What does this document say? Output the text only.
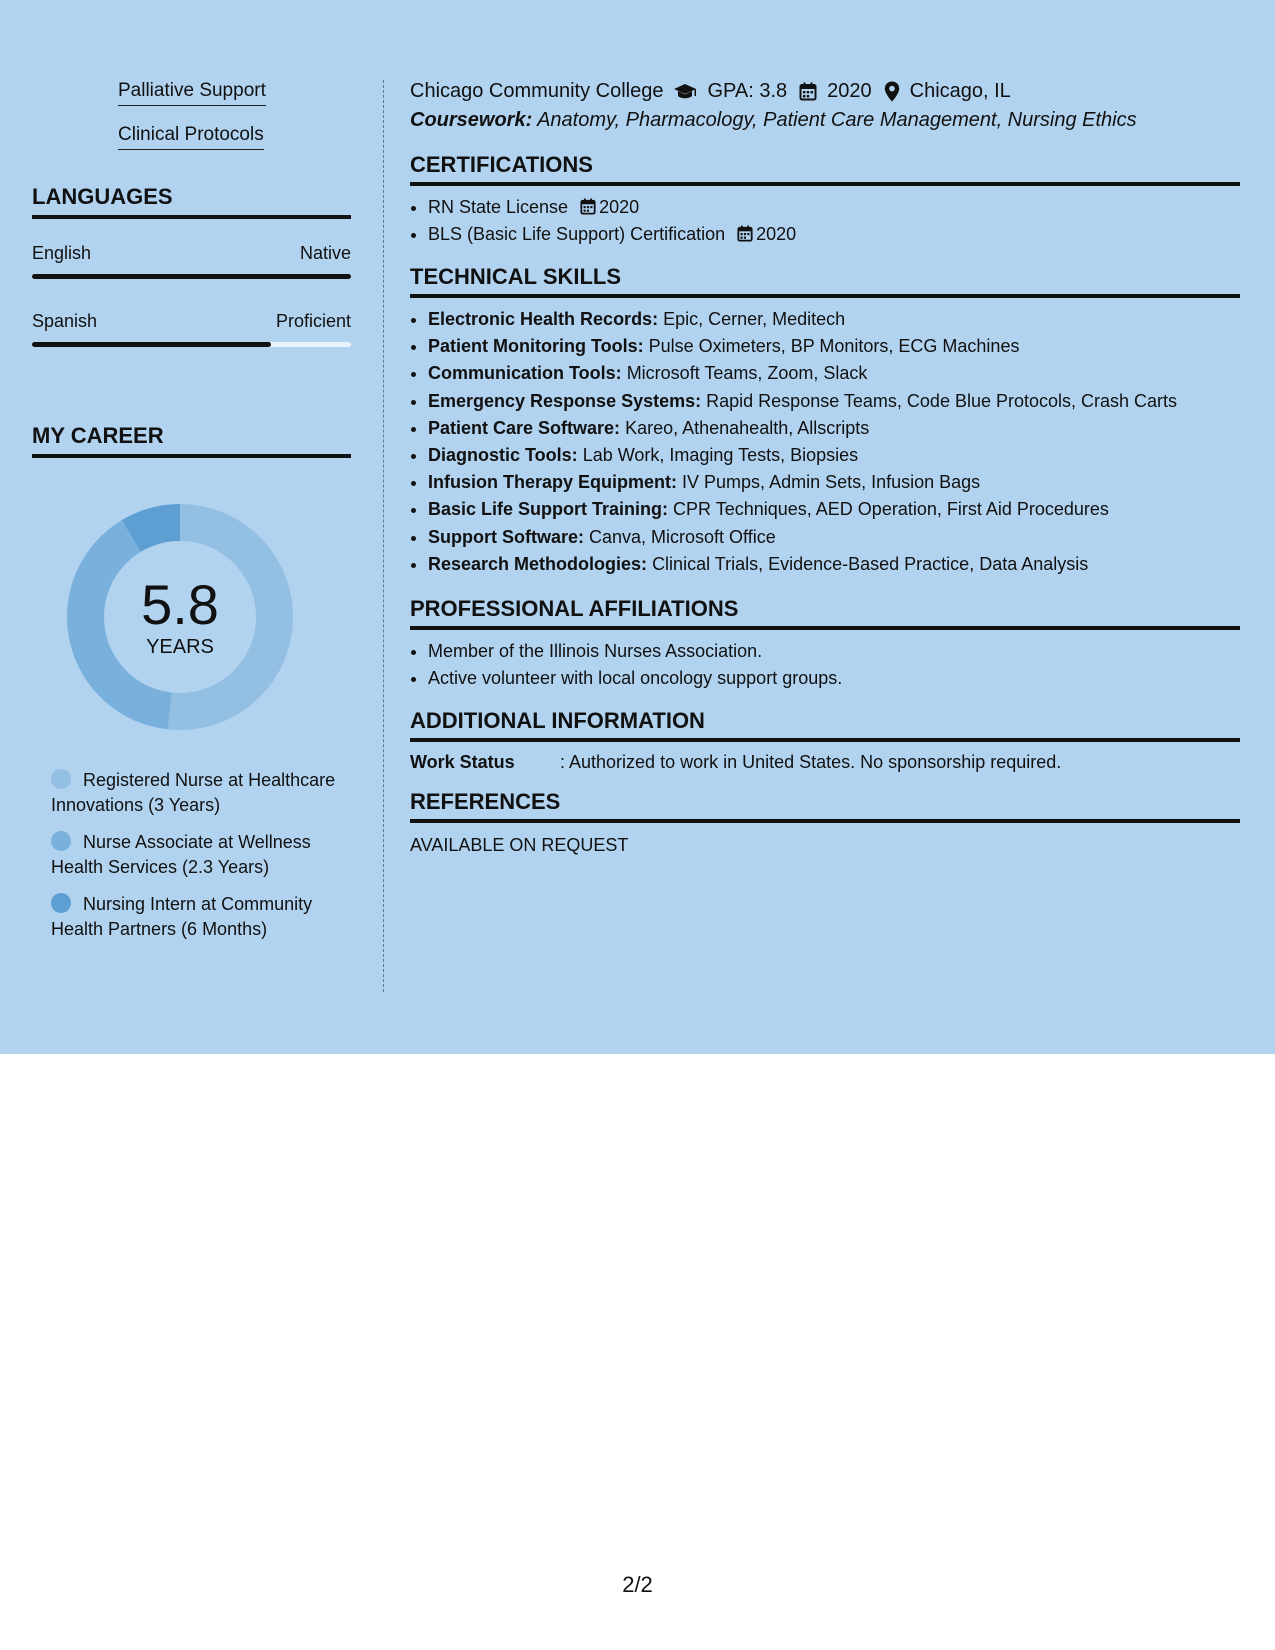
Palliative Support
Clinical Protocols
LANGUAGES
English	Native
Spanish	Proficient
MY CAREER
5.8
YEARS
Registered Nurse at Healthcare Innovations (3 Years)
Nurse Associate at Wellness Health Services (2.3 Years)
Nursing Intern at Community Health Partners (6 Months)
Chicago Community College GPA: 3.8 2020 Chicago, IL
Coursework: Anatomy, Pharmacology, Patient Care Management, Nursing Ethics
CERTIFICATIONS
• RN State License 2020
• BLS (Basic Life Support) Certification 2020
TECHNICAL SKILLS
• Electronic Health Records: Epic, Cerner, Meditech
• Patient Monitoring Tools: Pulse Oximeters, BP Monitors, ECG Machines
• Communication Tools: Microsoft Teams, Zoom, Slack
• Emergency Response Systems: Rapid Response Teams, Code Blue Protocols, Crash Carts
• Patient Care Software: Kareo, Athenahealth, Allscripts
• Diagnostic Tools: Lab Work, Imaging Tests, Biopsies
• Infusion Therapy Equipment: IV Pumps, Admin Sets, Infusion Bags
• Basic Life Support Training: CPR Techniques, AED Operation, First Aid Procedures
• Support Software: Canva, Microsoft Office
• Research Methodologies: Clinical Trials, Evidence-Based Practice, Data Analysis
PROFESSIONAL AFFILIATIONS
• Member of the Illinois Nurses Association.
• Active volunteer with local oncology support groups.
ADDITIONAL INFORMATION
Work Status	: Authorized to work in United States. No sponsorship required.
REFERENCES
AVAILABLE ON REQUEST
2/2
